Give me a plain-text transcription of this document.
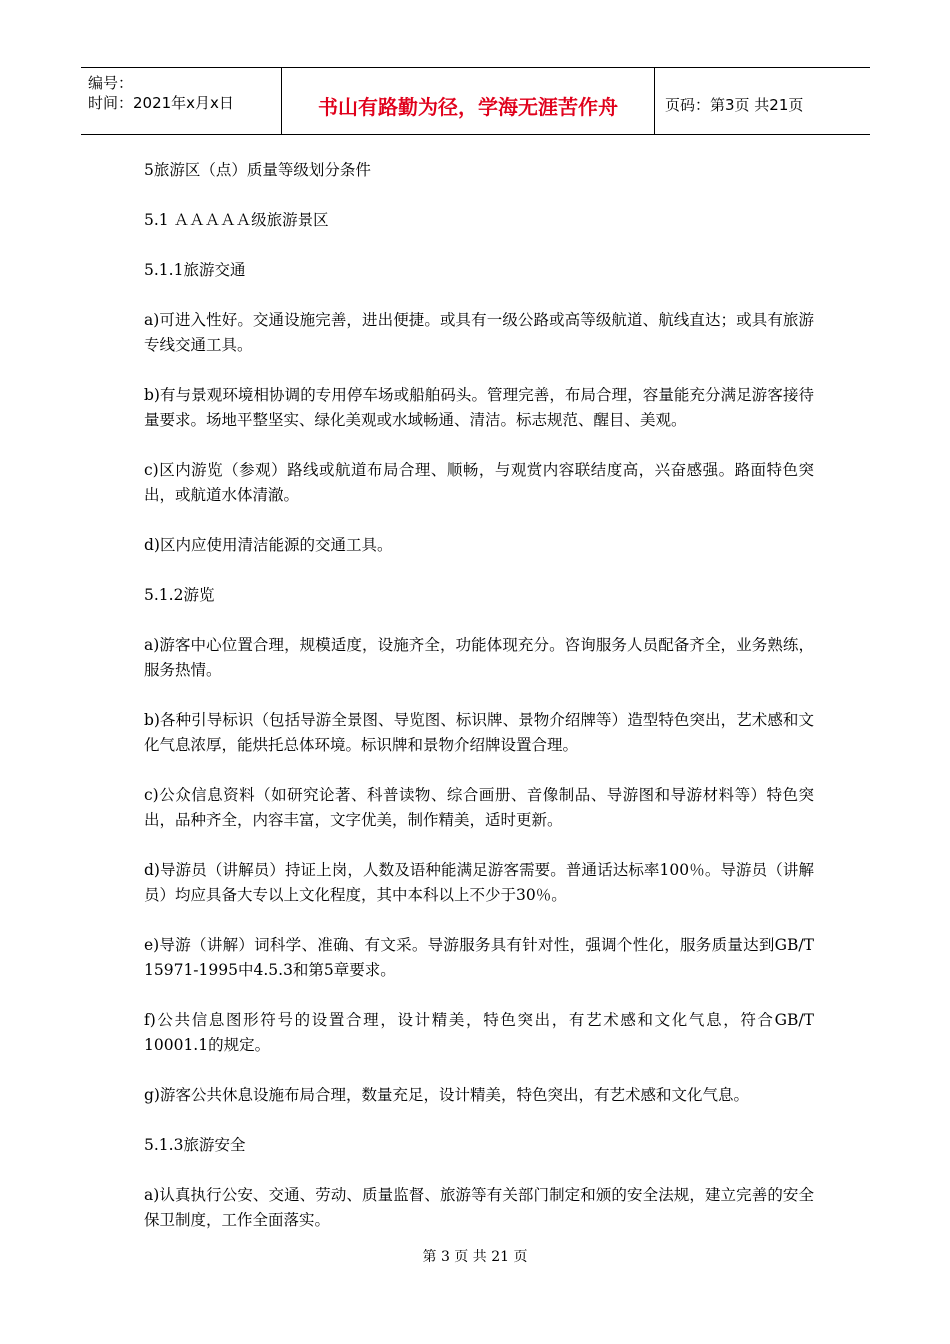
编号：
时间：2021年x月x日	书山有路勤为径，学海无涯苦作舟	页码：第3页 共21页

5旅游区（点）质量等级划分条件

5.1 ＡＡＡＡＡ级旅游景区

5.1.1旅游交通

a)可进入性好。交通设施完善，进出便捷。或具有一级公路或高等级航道、航线直达；或具有旅游专线交通工具。

b)有与景观环境相协调的专用停车场或船舶码头。管理完善，布局合理，容量能充分满足游客接待量要求。场地平整坚实、绿化美观或水域畅通、清洁。标志规范、醒目、美观。

c)区内游览（参观）路线或航道布局合理、顺畅，与观赏内容联结度高，兴奋感强。路面特色突出，或航道水体清澈。

d)区内应使用清洁能源的交通工具。

5.1.2游览

a)游客中心位置合理，规模适度，设施齐全，功能体现充分。咨询服务人员配备齐全，业务熟练，服务热情。

b)各种引导标识（包括导游全景图、导览图、标识牌、景物介绍牌等）造型特色突出，艺术感和文化气息浓厚，能烘托总体环境。标识牌和景物介绍牌设置合理。

c)公众信息资料（如研究论著、科普读物、综合画册、音像制品、导游图和导游材料等）特色突出，品种齐全，内容丰富，文字优美，制作精美，适时更新。

d)导游员（讲解员）持证上岗，人数及语种能满足游客需要。普通话达标率100％。导游员（讲解员）均应具备大专以上文化程度，其中本科以上不少于30％。

e)导游（讲解）词科学、准确、有文采。导游服务具有针对性，强调个性化，服务质量达到GB/T 15971-1995中4.5.3和第5章要求。

f)公共信息图形符号的设置合理，设计精美，特色突出，有艺术感和文化气息，符合GB/T 10001.1的规定。

g)游客公共休息设施布局合理，数量充足，设计精美，特色突出，有艺术感和文化气息。

5.1.3旅游安全

a)认真执行公安、交通、劳动、质量监督、旅游等有关部门制定和颁的安全法规，建立完善的安全保卫制度，工作全面落实。

第 3 页 共 21 页
